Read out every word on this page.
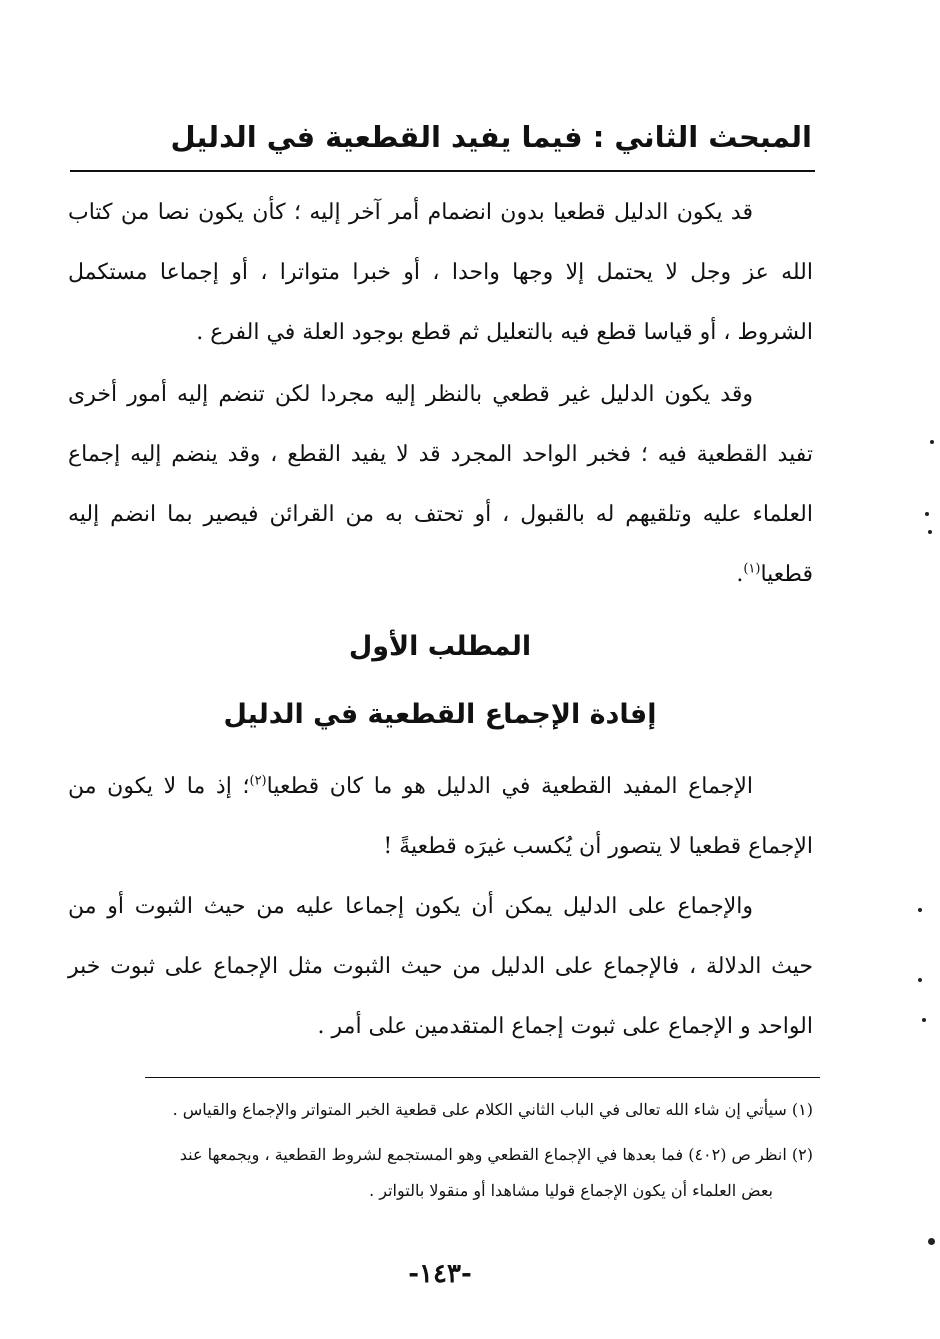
المبحث الثاني : فيما يفيد القطعية في الدليل

قد يكون الدليل قطعيا بدون انضمام أمر آخر إليه ؛ كأن يكون نصا من كتاب الله عز وجل لا يحتمل إلا وجها واحدا ، أو خبرا متواترا ، أو إجماعا مستكمل الشروط ، أو قياسا قطع فيه بالتعليل ثم قطع بوجود العلة في الفرع .

وقد يكون الدليل غير قطعي بالنظر إليه مجردا لكن تنضم إليه أمور أخرى تفيد القطعية فيه ؛ فخبر الواحد المجرد قد لا يفيد القطع ، وقد ينضم إليه إجماع العلماء عليه وتلقيهم له بالقبول ، أو تحتف به من القرائن فيصير بما انضم إليه قطعيا$^{(١)}$.

المطلب الأول
إفادة الإجماع القطعية في الدليل

الإجماع المفيد القطعية في الدليل هو ما كان قطعيا$^{(٢)}$؛ إذ ما لا يكون من الإجماع قطعيا لا يتصور أن يُكسب غيرَه قطعيةً !

والإجماع على الدليل يمكن أن يكون إجماعا عليه من حيث الثبوت أو من حيث الدلالة ، فالإجماع على الدليل من حيث الثبوت مثل الإجماع على ثبوت خبر الواحد و الإجماع على ثبوت إجماع المتقدمين على أمر .

(١) سيأتي إن شاء الله تعالى في الباب الثاني الكلام على قطعية الخبر المتواتر والإجماع والقياس .

(٢) انظر ص (٤٠٢) فما بعدها في الإجماع القطعي وهو المستجمع لشروط القطعية ، ويجمعها عند
بعض العلماء أن يكون الإجماع قوليا مشاهدا أو منقولا بالتواتر .

-١٤٣-
